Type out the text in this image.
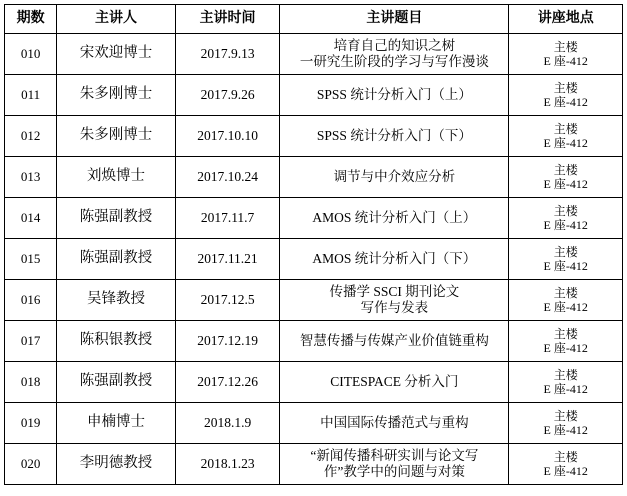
期数	主讲人	主讲时间	主讲题目	讲座地点
010	宋欢迎博士	2017.9.13	培育自己的知识之树
一研究生阶段的学习与写作漫谈	主楼
E 座-412

011	朱多刚博士	2017.9.26	SPSS 统计分析入门（上）	主楼
E 座-412

012	朱多刚博士	2017.10.10	SPSS 统计分析入门（下）	主楼
E 座-412

013	刘焕博士	2017.10.24	调节与中介效应分析	主楼
E 座-412

014	陈强副教授	2017.11.7	AMOS 统计分析入门（上）	主楼
E 座-412

015	陈强副教授	2017.11.21	AMOS 统计分析入门（下）	主楼
E 座-412

016	吴锋教授	2017.12.5	传播学 SSCI 期刊论文
写作与发表	主楼
E 座-412

017	陈积银教授	2017.12.19	智慧传播与传媒产业价值链重构	主楼
E 座-412

018	陈强副教授	2017.12.26	CITESPACE 分析入门	主楼
E 座-412

019	申楠博士	2018.1.9	中国国际传播范式与重构	主楼
E 座-412

020	李明德教授	2018.1.23	“新闻传播科研实训与论文写
作”教学中的问题与对策	主楼
E 座-412
